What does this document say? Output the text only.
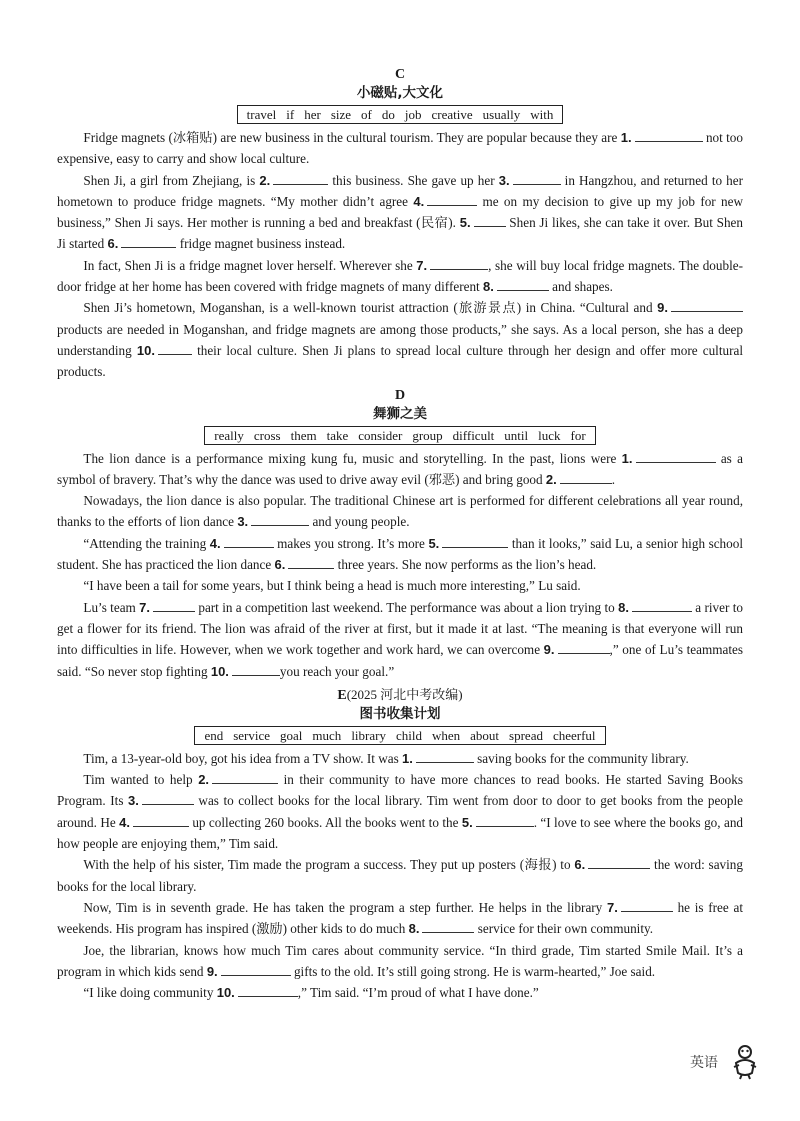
C
小磁贴,大文化
travel if her size of do job creative usually with

Fridge magnets (冰箱贴) are new business in the cultural tourism. They are popular because they are 1.	not too expensive, easy to carry and show local culture.

Shen Ji, a girl from Zhejiang, is 2.	this business. She gave up her 3.	in Hangzhou, and returned to her hometown to produce fridge magnets. “My mother didn’t agree 4.	me on my decision to give up my job for new business,” Shen Ji says. Her mother is running a bed and breakfast (民宿). 5.	Shen Ji likes, she can take it over. But Shen Ji started 6.	fridge magnet business instead.

In fact, Shen Ji is a fridge magnet lover herself. Wherever she 7.	, she will buy local fridge magnets. The double-door fridge at her home has been covered with fridge magnets of many different 8.	and shapes.

Shen Ji’s hometown, Moganshan, is a well-known tourist attraction (旅游景点) in China. “Cultural and 9. products are needed in Moganshan, and fridge magnets are among those products,” she says. As a local person, she has a deep understanding 10.	their local culture. Shen Ji plans to spread local culture through her design and offer more cultural products.

D
舞狮之美
really cross them take consider group difficult until luck for

The lion dance is a performance mixing kung fu, music and storytelling. In the past, lions were 1.	as a symbol of bravery. That’s why the dance was used to drive away evil (邪恶) and bring good 2.	.

Nowadays, the lion dance is also popular. The traditional Chinese art is performed for different celebrations all year round, thanks to the efforts of lion dance 3.	and young people.

“Attending the training 4.	makes you strong. It’s more 5.	than it looks,” said Lu, a senior high school student. She has practiced the lion dance 6.	three years. She now performs as the lion’s head.

“I have been a tail for some years, but I think being a head is much more interesting,” Lu said.

Lu’s team 7.	part in a competition last weekend. The performance was about a lion trying to 8.	a river to get a flower for its friend. The lion was afraid of the river at first, but it made it at last. “The meaning is that everyone will run into difficulties in life. However, when we work together and work hard, we can overcome 9.	,” one of Lu’s teammates said. “So never stop fighting 10.	you reach your goal.”

E(2025 河北中考改编)
图书收集计划
end service goal much library child when about spread cheerful

Tim, a 13-year-old boy, got his idea from a TV show. It was 1.	saving books for the community library.

Tim wanted to help 2.	in their community to have more chances to read books. He started Saving Books Program. Its 3.	was to collect books for the local library. Tim went from door to door to get books from the people around. He 4.	up collecting 260 books. All the books went to the 5.	. “I love to see where the books go, and how people are enjoying them,” Tim said.

With the help of his sister, Tim made the program a success. They put up posters (海报) to 6.	the word: saving books for the local library.

Now, Tim is in seventh grade. He has taken the program a step further. He helps in the library 7.	he is free at weekends. His program has inspired (激励) other kids to do much 8.	service for their own community.

Joe, the librarian, knows how much Tim cares about community service. “In third grade, Tim started Smile Mail. It’s a program in which kids send 9.	gifts to the old. It’s still going strong. He is warm-hearted,” Joe said.

“I like doing community 10.	,” Tim said. “I’m proud of what I have done.”

英语
